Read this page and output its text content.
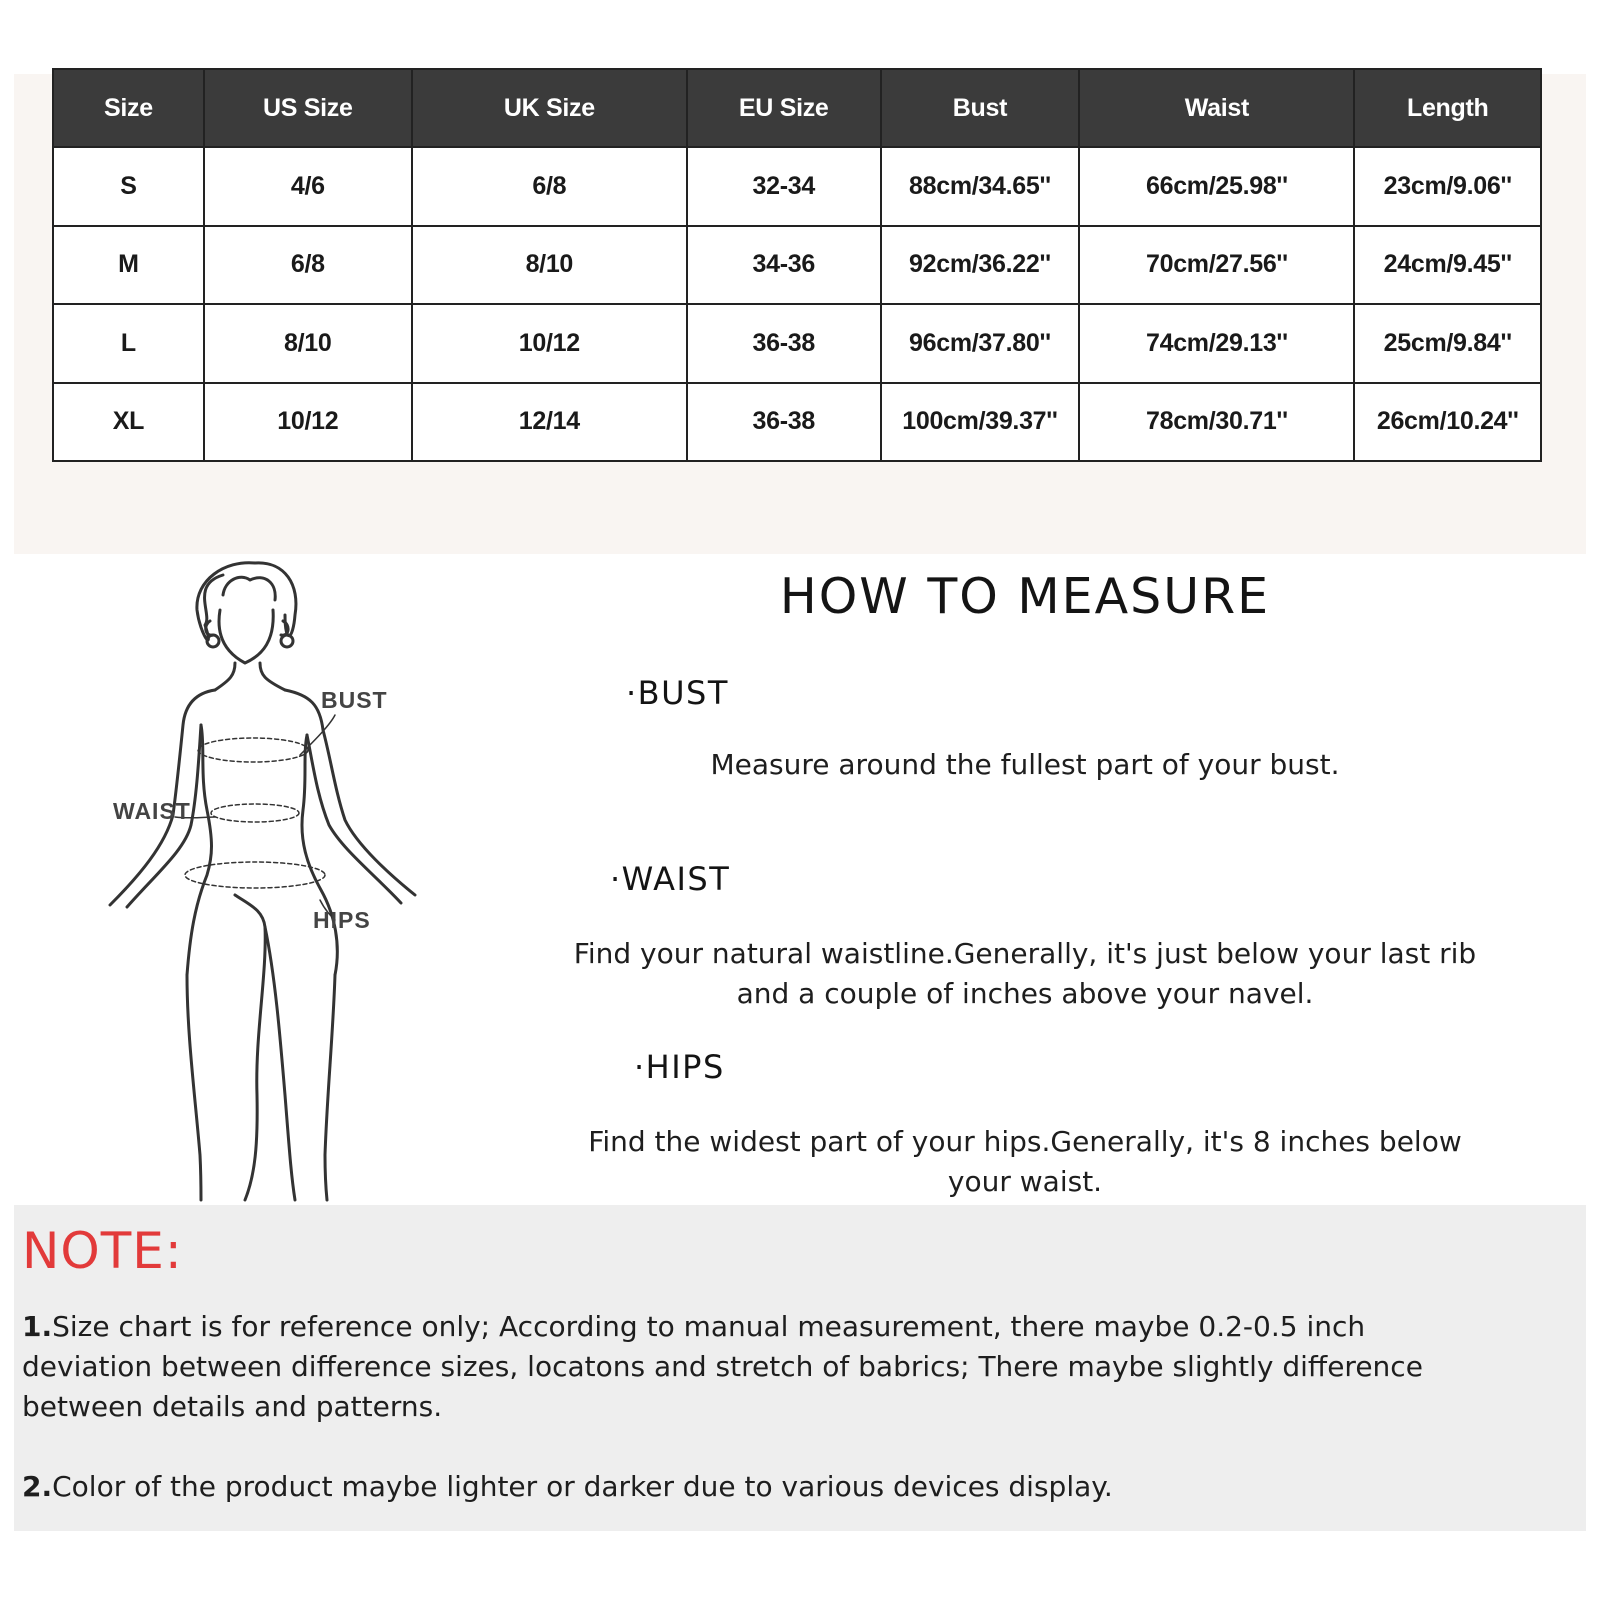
Size	US Size	UK Size	EU Size	Bust	Waist	Length
S	4/6	6/8	32-34	88cm/34.65''	66cm/25.98''	23cm/9.06''
M	6/8	8/10	34-36	92cm/36.22''	70cm/27.56''	24cm/9.45''
L	8/10	10/12	36-38	96cm/37.80''	74cm/29.13''	25cm/9.84''
XL	10/12	12/14	36-38	100cm/39.37''	78cm/30.71''	26cm/10.24''
BUST
WAIST
HIPS
HOW TO MEASURE
·BUST

Measure around the fullest part of your bust.

·WAIST

Find your natural waistline.Generally, it's just below your last rib
and a couple of inches above your navel.

·HIPS

Find the widest part of your hips.Generally, it's 8 inches below
your waist.

NOTE:

1.Size chart is for reference only; According to manual measurement, there maybe 0.2-0.5 inch
deviation between difference sizes, locatons and stretch of babrics; There maybe slightly difference
between details and patterns.

2.Color of the product maybe lighter or darker due to various devices display.
